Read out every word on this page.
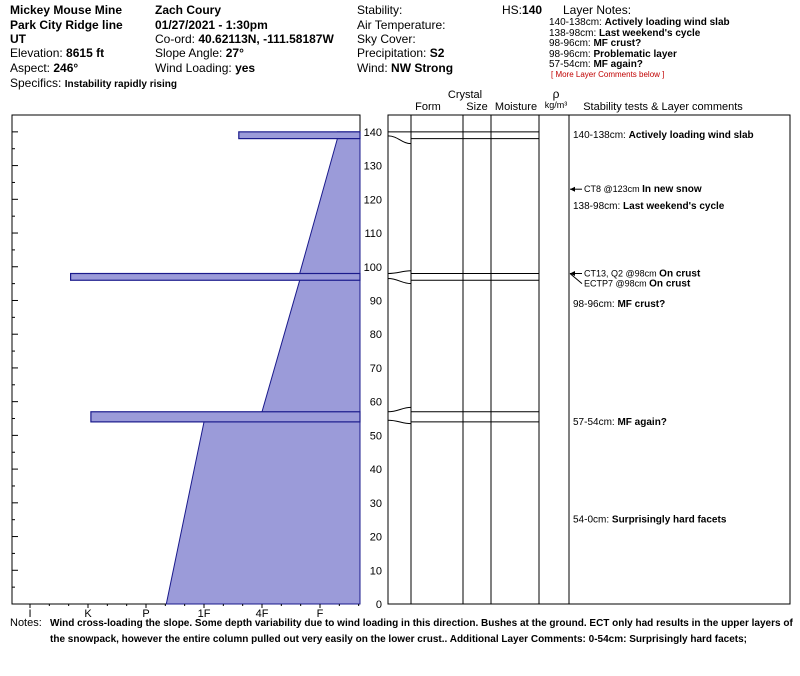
Mickey Mouse Mine
Park City Ridge line
UT
Elevation: 8615 ft
Aspect: 246°
Specifics: Instability rapidly rising
Zach Coury
01/27/2021 - 1:30pm
Co-ord: 40.62113N, -111.58187W
Slope Angle: 27°
Wind Loading: yes
Stability:
Air Temperature:
Sky Cover:
Precipitation: S2
Wind: NW Strong
HS:140 Layer Notes:
140-138cm: Actively loading wind slab
138-98cm: Last weekend's cycle
98-96cm: MF crust?
98-96cm: Problematic layer
57-54cm: MF again?
[ More Layer Comments below ]
I	K	P	1F	4F	F
0
10
20
30
40
50
60
70
80
90
100
110
120
130
140
Crystal
Form Size Moisture
ρ
kg/m³ Stability tests & Layer comments
140-138cm: Actively loading wind slab
138-98cm: Last weekend's cycle
98-96cm: MF crust?
57-54cm: MF again?
54-0cm: Surprisingly hard facets
CT8 @123cm In new snow
CT13, Q2 @98cm On crust
ECTP7 @98cm On crust
Notes: Wind cross-loading the slope. Some depth variability due to wind loading in this direction. Bushes at the ground. ECT only had results in the upper layers of
the snowpack, however the entire column pulled out very easily on the lower crust.. Additional Layer Comments: 0-54cm: Surprisingly hard facets;
